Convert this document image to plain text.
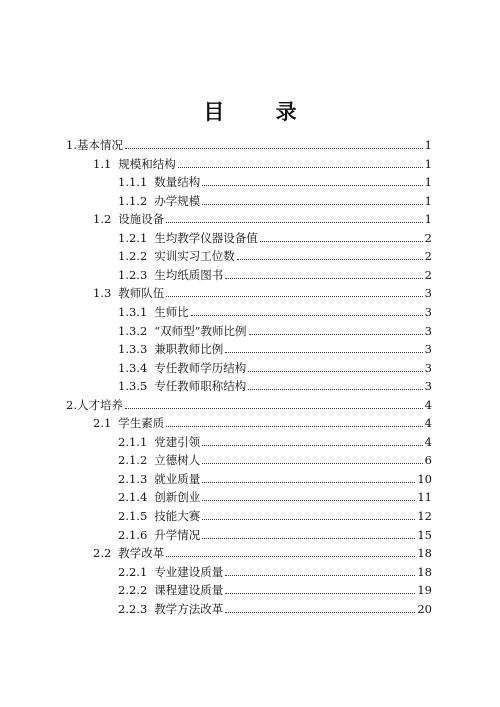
目 录
1. 基本情况	1
1.1 规模和结构	1
1.1.1 数量结构	1
1.1.2 办学规模	1
1.2 设施设备	1
1.2.1 生均教学仪器设备值	2
1.2.2 实训实习工位数	2
1.2.3 生均纸质图书	2
1.3 教师队伍	3
1.3.1 生师比	3
1.3.2 “双师型”教师比例	3
1.3.3 兼职教师比例	3
1.3.4 专任教师学历结构	3
1.3.5 专任教师职称结构	3
2. 人才培养	4
2.1 学生素质	4
2.1.1 党建引领	4
2.1.2 立德树人	6
2.1.3 就业质量	10
2.1.4 创新创业	11
2.1.5 技能大赛	12
2.1.6 升学情况	15
2.2 教学改革	18
2.2.1 专业建设质量	18
2.2.2 课程建设质量	19
2.2.3 教学方法改革	20
